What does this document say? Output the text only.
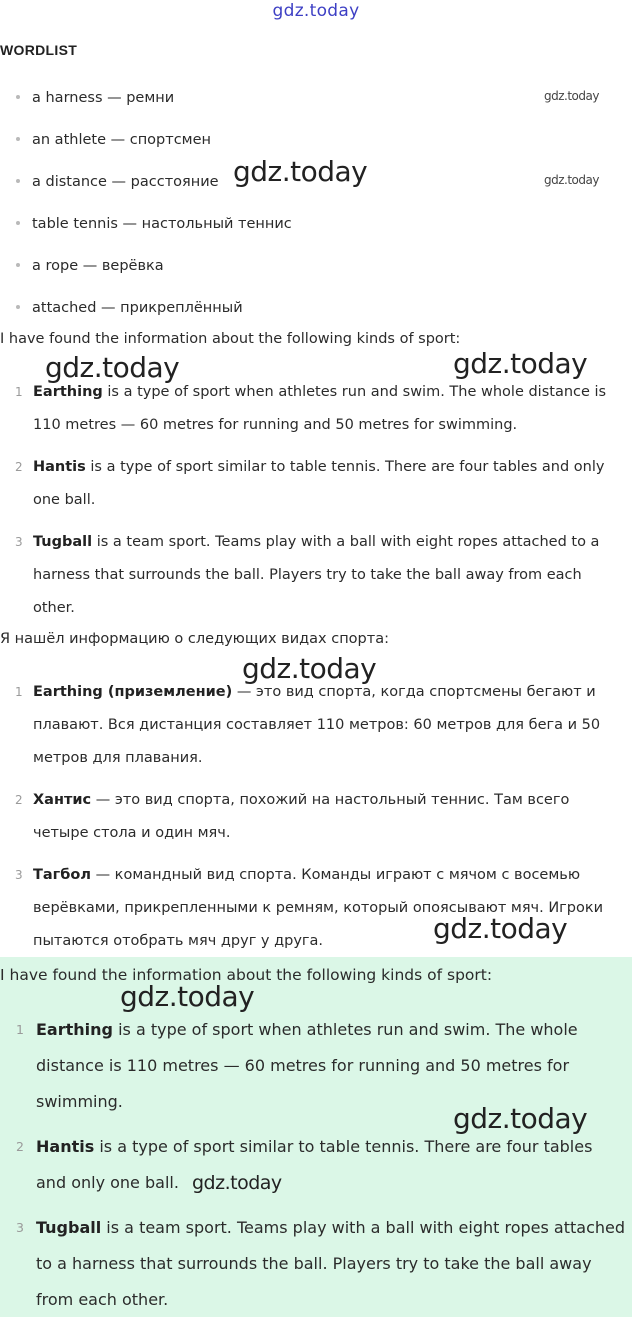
gdz.today
WORDLIST
a harness — ремни
an athlete — спортсмен
a distance — расстояние
table tennis — настольный теннис
a rope — верёвка
attached — прикреплённый
I have found the information about the following kinds of sport:
1 Earthing is a type of sport when athletes run and swim. The whole distance is
110 metres — 60 metres for running and 50 metres for swimming.
2 Hantis is a type of sport similar to table tennis. There are four tables and only
one ball.
3 Tugball is a team sport. Teams play with a ball with eight ropes attached to a
harness that surrounds the ball. Players try to take the ball away from each
other.
Я нашёл информацию о следующих видах спорта:
1 Earthing (приземление) — это вид спорта, когда спортсмены бегают и
плавают. Вся дистанция составляет 110 метров: 60 метров для бега и 50
метров для плавания.
2 Хантис — это вид спорта, похожий на настольный теннис. Там всего
четыре стола и один мяч.
3 Тагбол — командный вид спорта. Команды играют с мячом с восемью
верёвками, прикрепленными к ремням, который опоясывают мяч. Игроки
пытаются отобрать мяч друг у друга.
I have found the information about the following kinds of sport:
1 Earthing is a type of sport when athletes run and swim. The whole
distance is 110 metres — 60 metres for running and 50 metres for
swimming.
2 Hantis is a type of sport similar to table tennis. There are four tables
and only one ball.
3 Tugball is a team sport. Teams play with a ball with eight ropes attached
to a harness that surrounds the ball. Players try to take the ball away
from each other.
gdz.today
gdz.today	gdz.today
gdz.today	gdz.today
gdz.today
gdz.today
gdz.today
gdz.today
gdz.today
